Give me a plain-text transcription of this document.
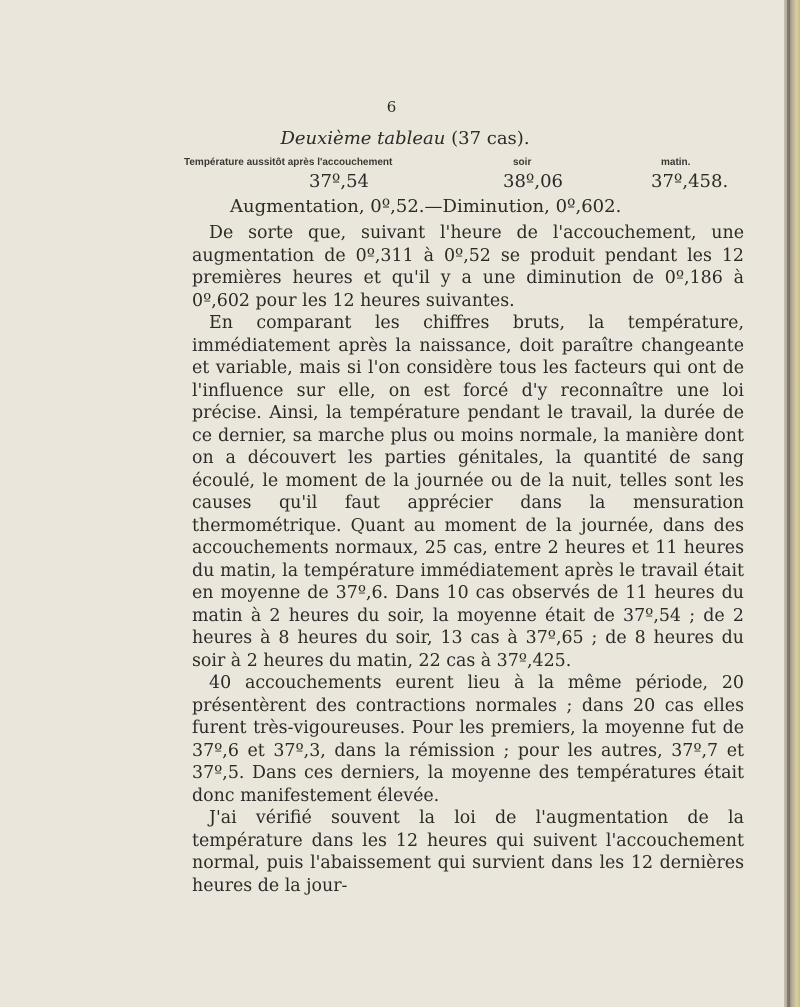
6
Deuxième tableau (37 cas).
Température aussitôt après l'accouchement	soir	matin.
37º,54	38º,06	37º,458.
Augmentation, 0º,52.—Diminution, 0º,602.

De sorte que, suivant l'heure de l'accouchement, une augmentation de 0º,311 à 0º,52 se produit pendant les 12 premières heures et qu'il y a une diminution de 0º,186 à 0º,602 pour les 12 heures suivantes.

En comparant les chiffres bruts, la température, immédiatement après la naissance, doit paraître changeante et variable, mais si l'on considère tous les facteurs qui ont de l'influence sur elle, on est forcé d'y reconnaître une loi précise. Ainsi, la température pendant le travail, la durée de ce dernier, sa marche plus ou moins normale, la manière dont on a découvert les parties génitales, la quantité de sang écoulé, le moment de la journée ou de la nuit, telles sont les causes qu'il faut apprécier dans la mensuration thermométrique. Quant au moment de la journée, dans des accouchements normaux, 25 cas, entre 2 heures et 11 heures du matin, la température immédiatement après le travail était en moyenne de 37º,6. Dans 10 cas observés de 11 heures du matin à 2 heures du soir, la moyenne était de 37º,54 ; de 2 heures à 8 heures du soir, 13 cas à 37º,65 ; de 8 heures du soir à 2 heures du matin, 22 cas à 37º,425.

40 accouchements eurent lieu à la même période, 20 présentèrent des contractions normales ; dans 20 cas elles furent très-vigoureuses. Pour les premiers, la moyenne fut de 37º,6 et 37º,3, dans la rémission ; pour les autres, 37º,7 et 37º,5. Dans ces derniers, la moyenne des températures était donc manifestement élevée.

J'ai vérifié souvent la loi de l'augmentation de la température dans les 12 heures qui suivent l'accouchement normal, puis l'abaissement qui survient dans les 12 dernières heures de la jour-
